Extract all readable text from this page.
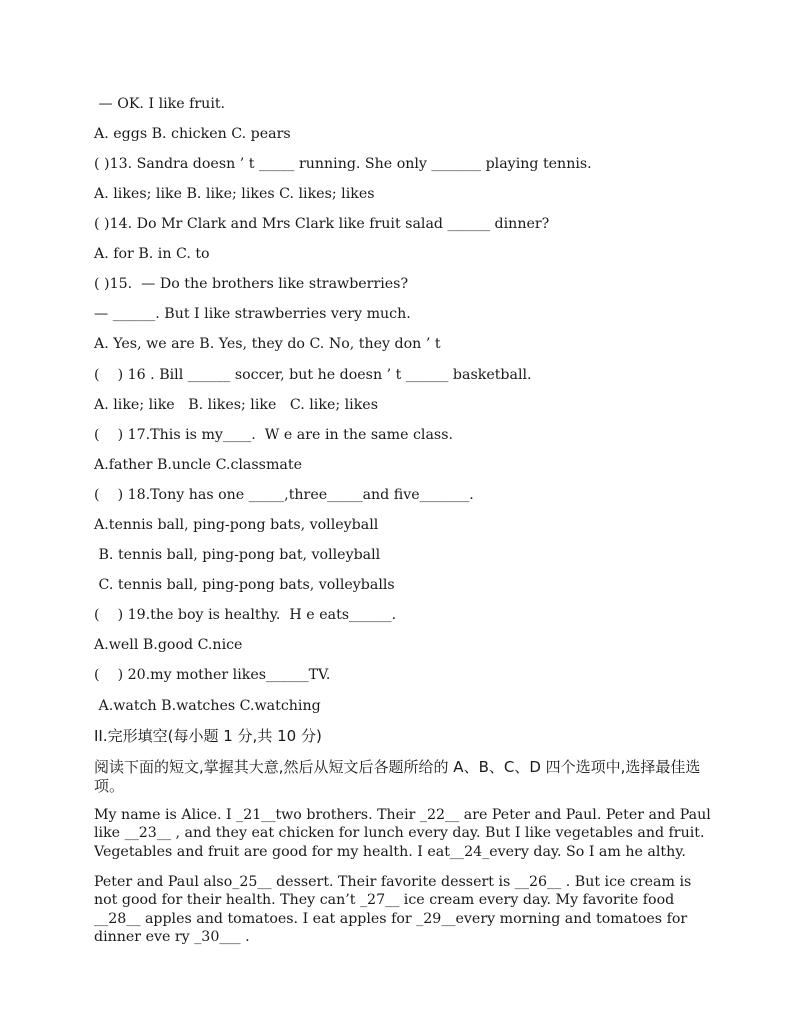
— OK. I like fruit.
A. eggs B. chicken C. pears
( )13. Sandra doesn ’ t _____ running. She only _______ playing tennis.
A. likes; like B. like; likes C. likes; likes
( )14. Do Mr Clark and Mrs Clark like fruit salad ______ dinner?
A. for B. in C. to
( )15.  — Do the brothers like strawberries?
— ______. But I like strawberries very much.
A. Yes, we are B. Yes, they do C. No, they don ’ t
(    ) 16 . Bill ______ soccer, but he doesn ’ t ______ basketball.
A. like; like   B. likes; like   C. like; likes
(    ) 17.This is my____.  W e are in the same class.
A.father B.uncle C.classmate
(    ) 18.Tony has one _____,three_____and five_______.
A.tennis ball, ping-pong bats, volleyball
B. tennis ball, ping-pong bat, volleyball
C. tennis ball, ping-pong bats, volleyballs
(    ) 19.the boy is healthy.  H e eats______.
A.well B.good C.nice
(    ) 20.my mother likes______TV.
A.watch B.watches C.watching
II.完形填空(每小题 1 分,共 10 分)
阅读下面的短文,掌握其大意,然后从短文后各题所给的 A、B、C、D 四个选项中,选择最佳选项。
My name is Alice. I _21__two brothers. Their _22__ are Peter and Paul. Peter and Paul like __23__ , and they eat chicken for lunch every day. But I like vegetables and fruit. Vegetables and fruit are good for my health. I eat__24_every day. So I am he althy.
Peter and Paul also_25__ dessert. Their favorite dessert is __26__ . But ice cream is not good for their health. They can’t _27__ ice cream every day. My favorite food __28__ apples and tomatoes. I eat apples for _29__every morning and tomatoes for dinner eve ry _30___ .
